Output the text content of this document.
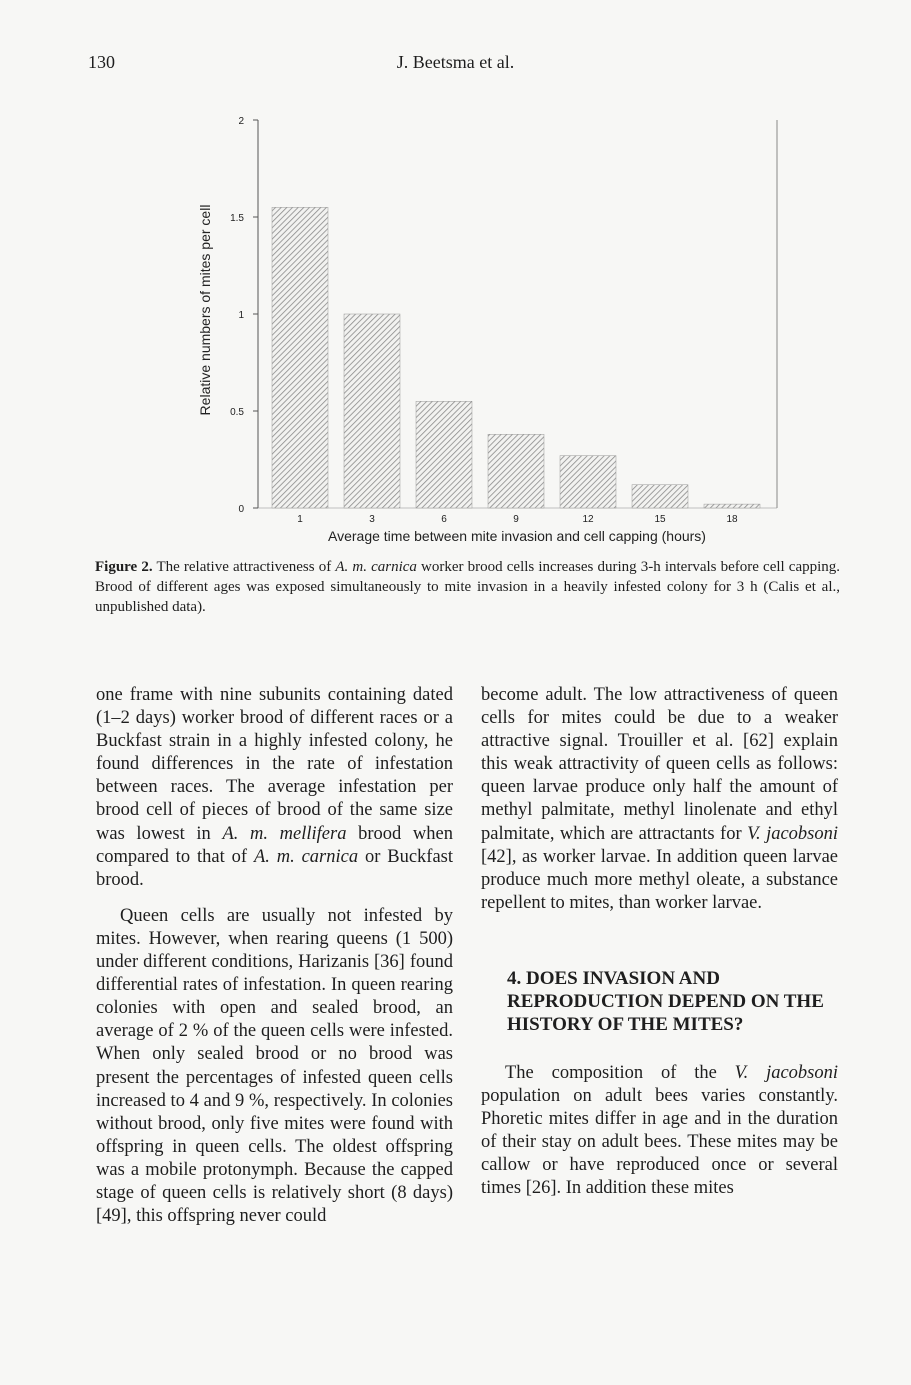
130	J. Beetsma et al.
Relative numbers of mites per cell
0
0.5
1
1.5
2
1	3	6	9	12	15	18
Average time between mite invasion and cell capping (hours)
Figure 2. The relative attractiveness of A. m. carnica worker brood cells increases during 3-h intervals before cell capping. Brood of different ages was exposed simultaneously to mite invasion in a heavily infested colony for 3 h (Calis et al., unpublished data).

one frame with nine subunits containing dated (1–2 days) worker brood of different races or a Buckfast strain in a highly infested colony, he found differences in the rate of infestation between races. The average infestation per brood cell of pieces of brood of the same size was lowest in A. m. mellifera brood when compared to that of A. m. carnica or Buckfast brood.

Queen cells are usually not infested by mites. However, when rearing queens (1 500) under different conditions, Harizanis [36] found differential rates of infestation. In queen rearing colonies with open and sealed brood, an average of 2 % of the queen cells were infested. When only sealed brood or no brood was present the percentages of infested queen cells increased to 4 and 9 %, respectively. In colonies without brood, only five mites were found with offspring in queen cells. The oldest offspring was a mobile protonymph. Because the capped stage of queen cells is relatively short (8 days) [49], this offspring never could

become adult. The low attractiveness of queen cells for mites could be due to a weaker attractive signal. Trouiller et al. [62] explain this weak attractivity of queen cells as follows: queen larvae produce only half the amount of methyl palmitate, methyl linolenate and ethyl palmitate, which are attractants for V. jacobsoni [42], as worker larvae. In addition queen larvae produce much more methyl oleate, a substance repellent to mites, than worker larvae.

4. DOES INVASION AND REPRODUCTION DEPEND ON THE HISTORY OF THE MITES?

The composition of the V. jacobsoni population on adult bees varies constantly. Phoretic mites differ in age and in the duration of their stay on adult bees. These mites may be callow or have reproduced once or several times [26]. In addition these mites
